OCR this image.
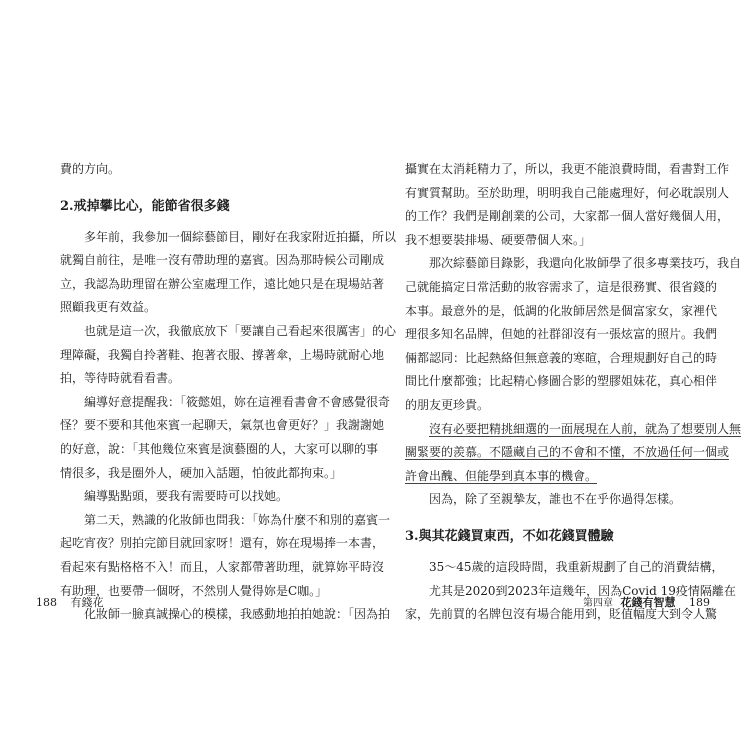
費的方向。

2.戒掉攀比心，能節省很多錢

多年前，我參加一個綜藝節目，剛好在我家附近拍攝，所以

就獨自前往，是唯一沒有帶助理的嘉賓。因為那時候公司剛成

立，我認為助理留在辦公室處理工作，遠比她只是在現場站著

照顧我更有效益。

也就是這一次，我徹底放下「要讓自己看起來很厲害」的心

理障礙，我獨自拎著鞋、抱著衣服、撐著傘，上場時就耐心地

拍，等待時就看看書。

編導好意提醒我：「筱懿姐，妳在這裡看書會不會感覺很奇

怪？要不要和其他來賓一起聊天，氣氛也會更好？」我謝謝她

的好意，說：「其他幾位來賓是演藝圈的人，大家可以聊的事

情很多，我是圈外人，硬加入話題，怕彼此都拘束。」

編導點點頭，要我有需要時可以找她。

第二天，熟識的化妝師也問我：「妳為什麼不和別的嘉賓一

起吃宵夜？別拍完節目就回家呀！還有，妳在現場捧一本書，

看起來有點格格不入！而且，人家都帶著助理，就算妳平時沒

有助理，也要帶一個呀，不然別人覺得妳是C咖。」

化妝師一臉真誠操心的模樣，我感動地拍拍她說：「因為拍

188 有錢花

攝實在太消耗精力了，所以，我更不能浪費時間，看書對工作

有實質幫助。至於助理，明明我自己能處理好，何必耽誤別人

的工作？我們是剛創業的公司，大家都一個人當好幾個人用，

我不想要裝排場、硬要帶個人來。」

那次綜藝節目錄影，我還向化妝師學了很多專業技巧，我自

己就能搞定日常活動的妝容需求了，這是很務實、很省錢的

本事。最意外的是，低調的化妝師居然是個富家女，家裡代

理很多知名品牌，但她的社群卻沒有一張炫富的照片。我們

倆都認同：比起熱絡但無意義的寒暄，合理規劃好自己的時

間比什麼都強；比起精心修圖合影的塑膠姐妹花，真心相伴

的朋友更珍貴。

沒有必要把精挑細選的一面展現在人前，就為了想要別人無

關緊要的羨慕。不隱藏自己的不會和不懂，不放過任何一個或

許會出醜、但能學到真本事的機會。

因為，除了至親摯友，誰也不在乎你過得怎樣。

3.與其花錢買東西，不如花錢買體驗

35～45歲的這段時間，我重新規劃了自己的消費結構，

尤其是2020到2023年這幾年，因為Covid 19疫情隔離在

家，先前買的名牌包沒有場合能用到，貶值幅度大到令人驚

第四章 花錢有智慧 189
